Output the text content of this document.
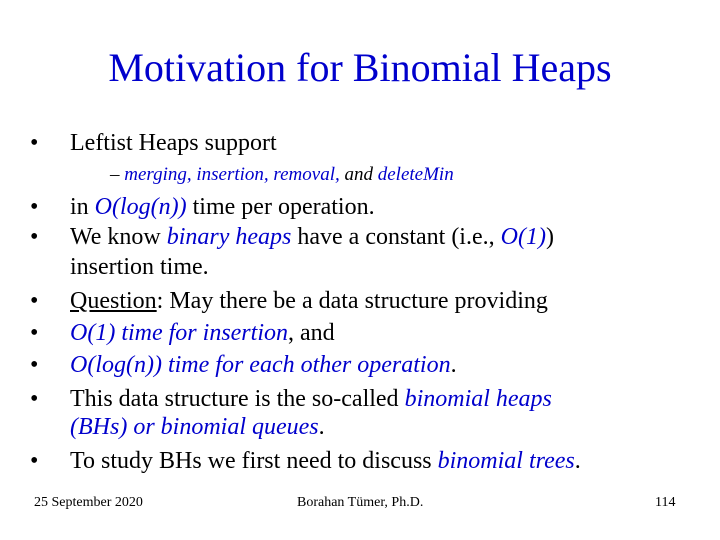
Motivation for Binomial Heaps
• Leftist Heaps support
– merging, insertion, removal, and deleteMin
• in O(log(n)) time per operation.
• We know binary heaps have a constant (i.e., O(1))
insertion time.
• Question: May there be a data structure providing
• O(1) time for insertion, and
• O(log(n)) time for each other operation.
• This data structure is the so-called binomial heaps
(BHs) or binomial queues.
• To study BHs we first need to discuss binomial trees.
25 September 2020	Borahan Tümer, Ph.D.	114
